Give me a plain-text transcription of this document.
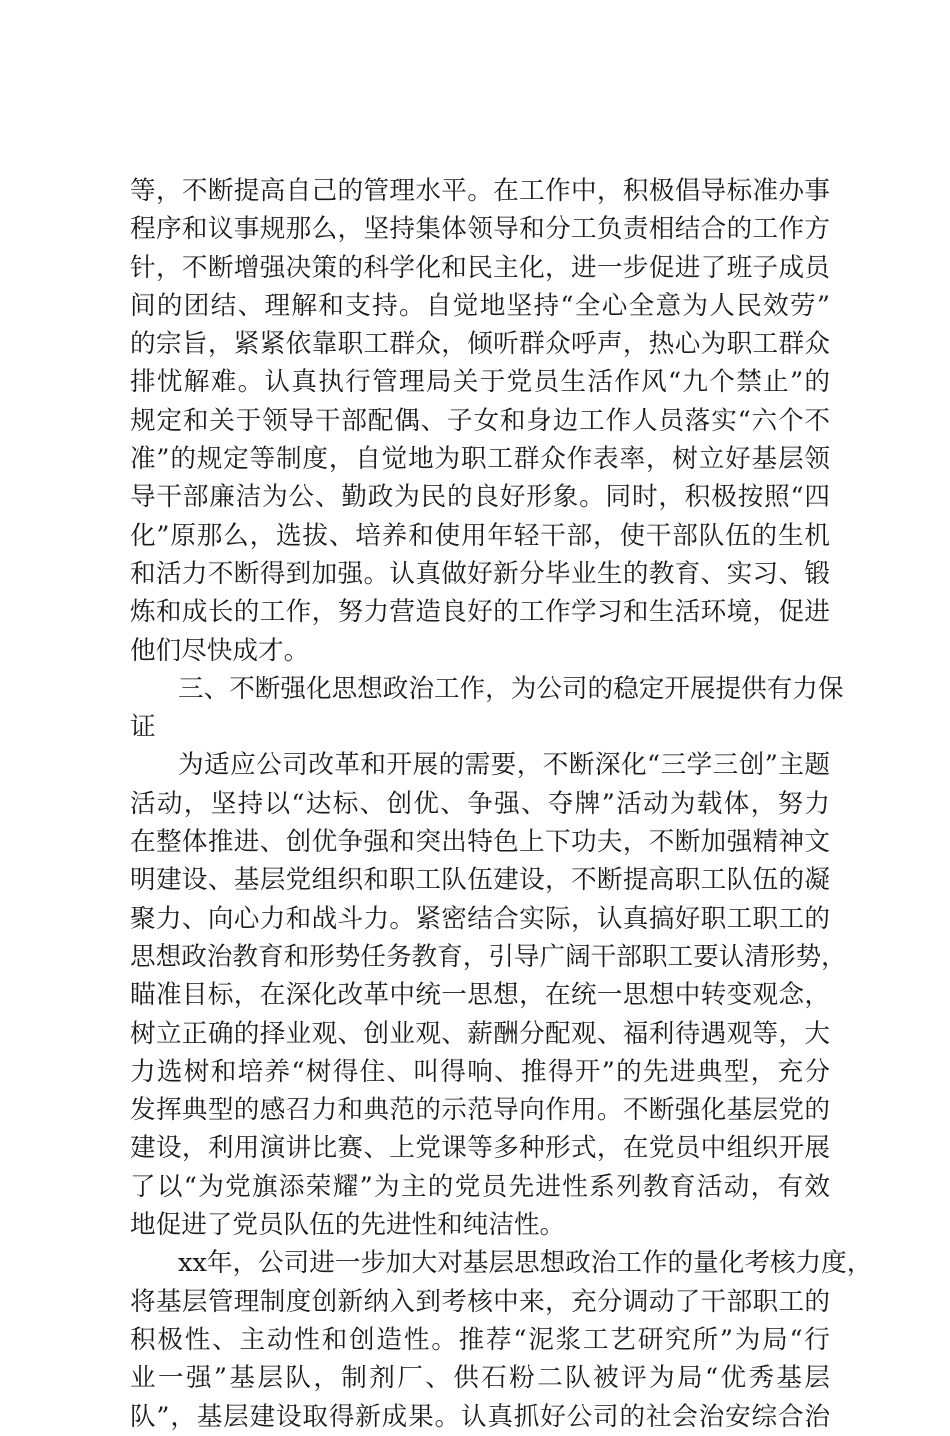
等，不断提高自己的管理水平。在工作中，积极倡导标准办事
程序和议事规那么，坚持集体领导和分工负责相结合的工作方
针，不断增强决策的科学化和民主化，进一步促进了班子成员
间的团结、理解和支持。自觉地坚持“全心全意为人民效劳”
的宗旨，紧紧依靠职工群众，倾听群众呼声，热心为职工群众
排忧解难。认真执行管理局关于党员生活作风“九个禁止”的
规定和关于领导干部配偶、子女和身边工作人员落实“六个不
准”的规定等制度，自觉地为职工群众作表率，树立好基层领
导干部廉洁为公、勤政为民的良好形象。同时，积极按照“四
化”原那么，选拔、培养和使用年轻干部，使干部队伍的生机
和活力不断得到加强。认真做好新分毕业生的教育、实习、锻
炼和成长的工作，努力营造良好的工作学习和生活环境，促进
他们尽快成才。
三、不断强化思想政治工作，为公司的稳定开展提供有力保
证
为适应公司改革和开展的需要，不断深化“三学三创”主题
活动，坚持以“达标、创优、争强、夺牌”活动为载体，努力
在整体推进、创优争强和突出特色上下功夫，不断加强精神文
明建设、基层党组织和职工队伍建设，不断提高职工队伍的凝
聚力、向心力和战斗力。紧密结合实际，认真搞好职工职工的
思想政治教育和形势任务教育，引导广阔干部职工要认清形势，
瞄准目标，在深化改革中统一思想，在统一思想中转变观念，
树立正确的择业观、创业观、薪酬分配观、福利待遇观等，大
力选树和培养“树得住、叫得响、推得开”的先进典型，充分
发挥典型的感召力和典范的示范导向作用。不断强化基层党的
建设，利用演讲比赛、上党课等多种形式，在党员中组织开展
了以“为党旗添荣耀”为主的党员先进性系列教育活动，有效
地促进了党员队伍的先进性和纯洁性。
xx年，公司进一步加大对基层思想政治工作的量化考核力度，
将基层管理制度创新纳入到考核中来，充分调动了干部职工的
积极性、主动性和创造性。推荐“泥浆工艺研究所”为局“行
业一强”基层队，制剂厂、供石粉二队被评为局“优秀基层
队”，基层建设取得新成果。认真抓好公司的社会治安综合治
